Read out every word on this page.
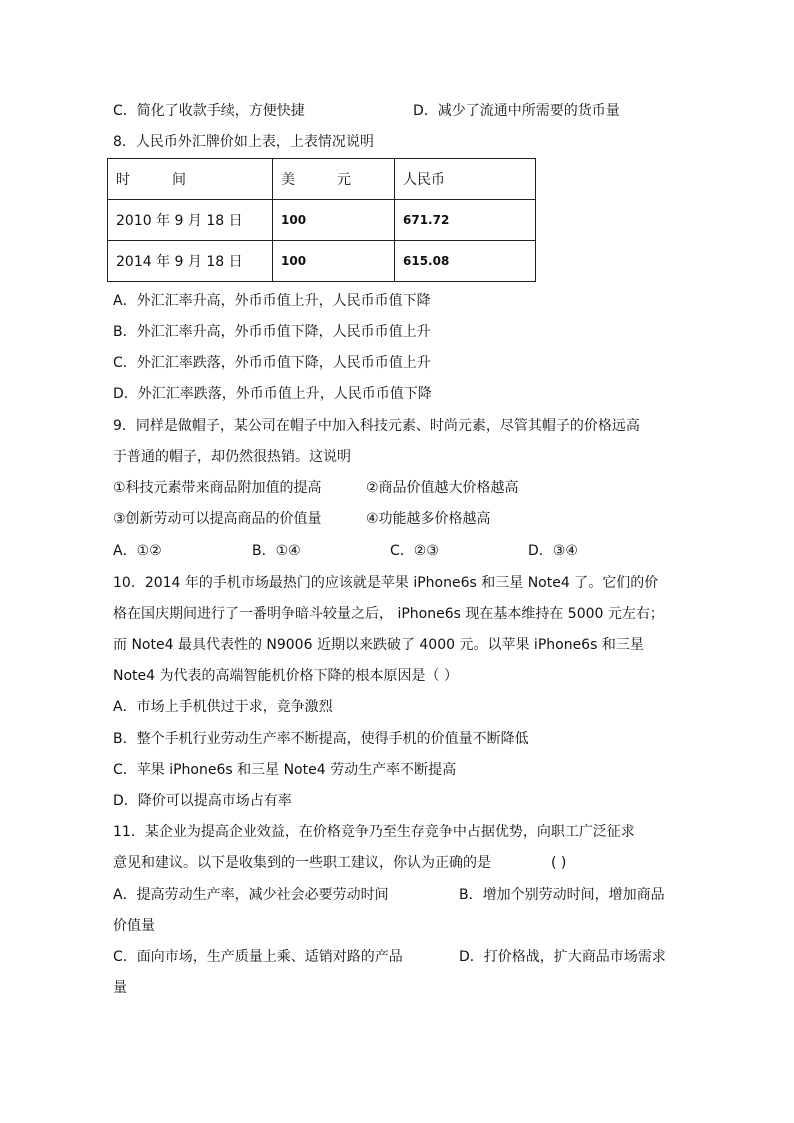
C．简化了收款手续，方便快捷	D．减少了流通中所需要的货币量
8．人民币外汇牌价如上表，上表情况说明
时　　　间	美　　　元	人民币
2010 年 9 月 18 日	100	671.72
2014 年 9 月 18 日	100	615.08
A．外汇汇率升高，外币币值上升，人民币币值下降
B．外汇汇率升高，外币币值下降，人民币币值上升
C．外汇汇率跌落，外币币值下降，人民币币值上升
D．外汇汇率跌落，外币币值上升，人民币币值下降
9．同样是做帽子，某公司在帽子中加入科技元素、时尚元素，尽管其帽子的价格远高
于普通的帽子，却仍然很热销。这说明
①科技元素带来商品附加值的提高	②商品价值越大价格越高
③创新劳动可以提高商品的价值量	④功能越多价格越高
A．①②	B．①④	C．②③	D．③④
10．2014 年的手机市场最热门的应该就是苹果 iPhone6s 和三星 Note4 了。它们的价
格在国庆期间进行了一番明争暗斗较量之后， iPhone6s 现在基本维持在 5000 元左右；
而 Note4 最具代表性的 N9006 近期以来跌破了 4000 元。以苹果 iPhone6s 和三星
Note4 为代表的高端智能机价格下降的根本原因是（ ）
A．市场上手机供过于求，竞争激烈
B．整个手机行业劳动生产率不断提高，使得手机的价值量不断降低
C．苹果 iPhone6s 和三星 Note4 劳动生产率不断提高
D．降价可以提高市场占有率
11．某企业为提高企业效益，在价格竞争乃至生存竞争中占据优势，向职工广泛征求
意见和建议。以下是收集到的一些职工建议，你认为正确的是	( )
A．提高劳动生产率，减少社会必要劳动时间	B．增加个别劳动时间，增加商品
价值量
C．面向市场，生产质量上乘、适销对路的产品	D．打价格战，扩大商品市场需求
量
